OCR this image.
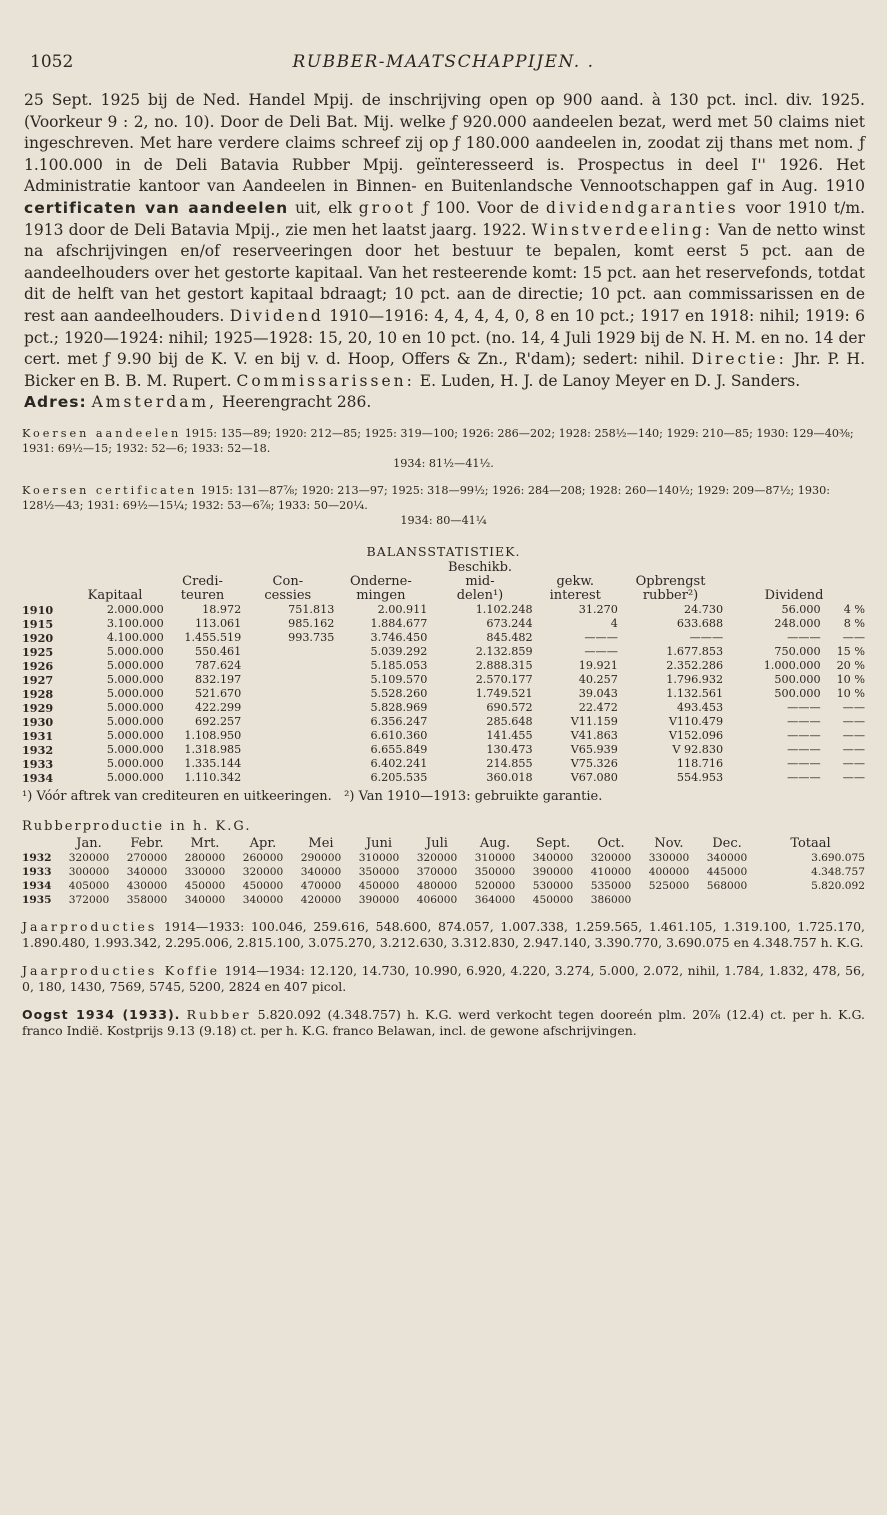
1052	RUBBER-MAATSCHAPPIJEN. .

25 Sept. 1925 bij de Ned. Handel Mpij. de inschrijving open op 900 aand. à 130 pct. incl. div. 1925. (Voorkeur 9 : 2, no. 10). Door de Deli Bat. Mij. welke ƒ 920.000 aandeelen bezat, werd met 50 claims niet ingeschreven. Met hare verdere claims schreef zij op ƒ 180.000 aandeelen in, zoodat zij thans met nom. ƒ 1.100.000 in de Deli Batavia Rubber Mpij. geïnteresseerd is. Prospectus in deel I'' 1926. Het Administratie kantoor van Aandeelen in Binnen- en Buitenlandsche Vennootschappen gaf in Aug. 1910 certificaten van aandeelen uit, elk groot ƒ 100. Voor de dividendgaranties voor 1910 t/m. 1913 door de Deli Batavia Mpij., zie men het laatst jaarg. 1922. Winstverdeeling: Van de netto winst na afschrijvingen en/of reserveeringen door het bestuur te bepalen, komt eerst 5 pct. aan de aandeelhouders over het gestorte kapitaal. Van het resteerende komt: 15 pct. aan het reservefonds, totdat dit de helft van het gestort kapitaal bdraagt; 10 pct. aan de directie; 10 pct. aan commissarissen en de rest aan aandeelhouders. Dividend 1910—1916: 4, 4, 4, 4, 0, 8 en 10 pct.; 1917 en 1918: nihil; 1919: 6 pct.; 1920—1924: nihil; 1925—1928: 15, 20, 10 en 10 pct. (no. 14, 4 Juli 1929 bij de N. H. M. en no. 14 der cert. met ƒ 9.90 bij de K. V. en bij v. d. Hoop, Offers & Zn., R'dam); sedert: nihil. Directie: Jhr. P. H. Bicker en B. B. M. Rupert. Commissarissen: E. Luden, H. J. de Lanoy Meyer en D. J. Sanders.
Adres: Amsterdam, Heerengracht 286.

Koersen aandeelen 1915: 135—89; 1920: 212—85; 1925: 319—100; 1926: 286—202; 1928: 258½—140; 1929: 210—85; 1930: 129—40⅜; 1931: 69½—15; 1932: 52—6; 1933: 52—18.
1934: 81½—41½.
Koersen certificaten 1915: 131—87⅞; 1920: 213—97; 1925: 318—99½; 1926: 284—208; 1928: 260—140½; 1929: 209—87½; 1930: 128½—43; 1931: 69½—15¼; 1932: 53—6⅞; 1933: 50—20¼.
1934: 80—41¼
BALANSSTATISTIEK.
					Beschikb.				
		Credi-	Con-	Onderne-	mid-	gekw.	Opbrengst		
	Kapitaal	teuren	cessies	mingen	delen¹)	interest	rubber²)	Dividend	
1910	2.000.000	18.972	751.813	2.00.911	1.102.248	31.270	24.730	56.000	4 %
1915	3.100.000	113.061	985.162	1.884.677	673.244	4	633.688	248.000	8 %
1920	4.100.000	1.455.519	993.735	3.746.450	845.482	———	———	———	——
1925	5.000.000	550.461		5.039.292	2.132.859	———	1.677.853	750.000	15 %
1926	5.000.000	787.624		5.185.053	2.888.315	19.921	2.352.286	1.000.000	20 %
1927	5.000.000	832.197		5.109.570	2.570.177	40.257	1.796.932	500.000	10 %
1928	5.000.000	521.670		5.528.260	1.749.521	39.043	1.132.561	500.000	10 %
1929	5.000.000	422.299		5.828.969	690.572	22.472	493.453	———	——
1930	5.000.000	692.257		6.356.247	285.648	V11.159	V110.479	———	——
1931	5.000.000	1.108.950		6.610.360	141.455	V41.863	V152.096	———	——
1932	5.000.000	1.318.985		6.655.849	130.473	V65.939	V 92.830	———	——
1933	5.000.000	1.335.144		6.402.241	214.855	V75.326	118.716	———	——
1934	5.000.000	1.110.342		6.205.535	360.018	V67.080	554.953	———	——
¹) Vóór aftrek van crediteuren en uitkeeringen. ²) Van 1910—1913: gebruikte garantie.
Rubberproductie in h. K.G.
	Jan.	Febr.	Mrt.	Apr.	Mei	Juni	Juli	Aug.	Sept.	Oct.	Nov.	Dec.	Totaal
1932	320000	270000	280000	260000	290000	310000	320000	310000	340000	320000	330000	340000	3.690.075
1933	300000	340000	330000	320000	340000	350000	370000	350000	390000	410000	400000	445000	4.348.757
1934	405000	430000	450000	450000	470000	450000	480000	520000	530000	535000	525000	568000	5.820.092
1935	372000	358000	340000	340000	420000	390000	406000	364000	450000	386000			
Jaarproducties 1914—1933: 100.046, 259.616, 548.600, 874.057, 1.007.338, 1.259.565, 1.461.105, 1.319.100, 1.725.170, 1.890.480, 1.993.342, 2.295.006, 2.815.100, 3.075.270, 3.212.630, 3.312.830, 2.947.140, 3.390.770, 3.690.075 en 4.348.757 h. K.G.
Jaarproducties Koffie 1914—1934: 12.120, 14.730, 10.990, 6.920, 4.220, 3.274, 5.000, 2.072, nihil, 1.784, 1.832, 478, 56, 0, 180, 1430, 7569, 5745, 5200, 2824 en 407 picol.
Oogst 1934 (1933). Rubber 5.820.092 (4.348.757) h. K.G. werd verkocht tegen dooreén plm. 20⅞ (12.4) ct. per h. K.G. franco Indië. Kostprijs 9.13 (9.18) ct. per h. K.G. franco Belawan, incl. de gewone afschrijvingen.
